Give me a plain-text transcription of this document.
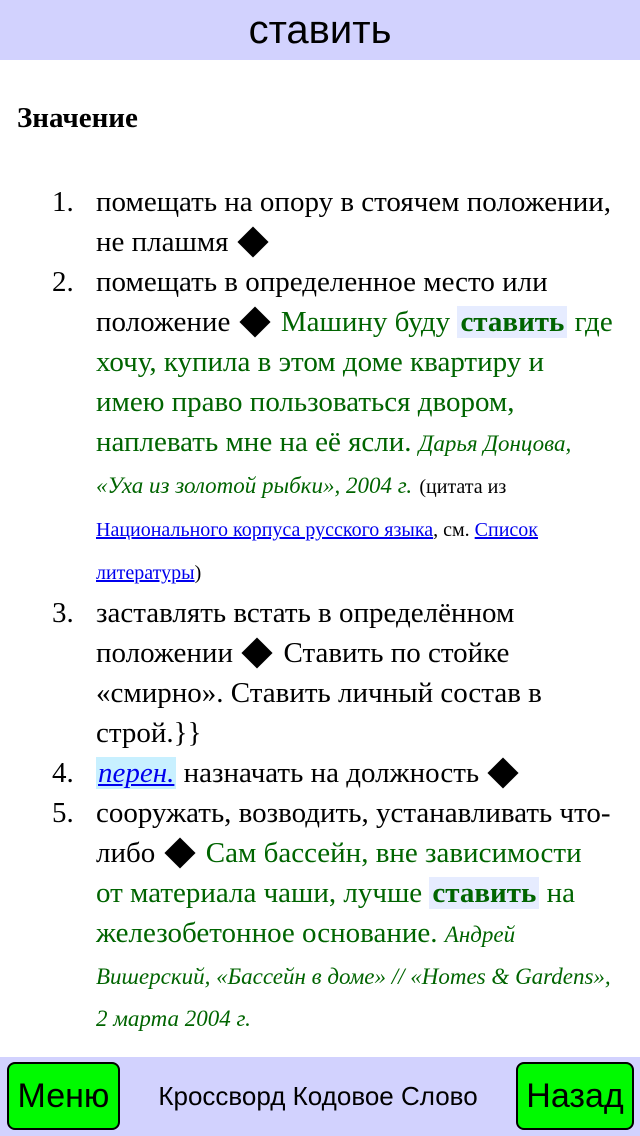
ставить
Значение
1. помещать на опору в стоячем положении, не плашмя
2. помещать в определенное место или положение Машину буду ставить где хочу, купила в этом доме квартиру и имею право пользоваться двором, наплевать мне на её ясли. Дарья Донцова, «Уха из золотой рыбки», 2004 г. (цитата из Национального корпуса русского языка, см. Список литературы)
3. заставлять встать в определённом положении Ставить по стойке «смирно». Ставить личный состав в строй.}}
4. перен. назначать на должность
5. сооружать, возводить, устанавливать что-либо Сам бассейн, вне зависимости от материала чаши, лучше ставить на железобетонное основание. Андрей Вишерский, «Бассейн в доме» // «Homes & Gardens», 2 марта 2004 г.
Меню	Кроссворд Кодовое Слово	Назад
